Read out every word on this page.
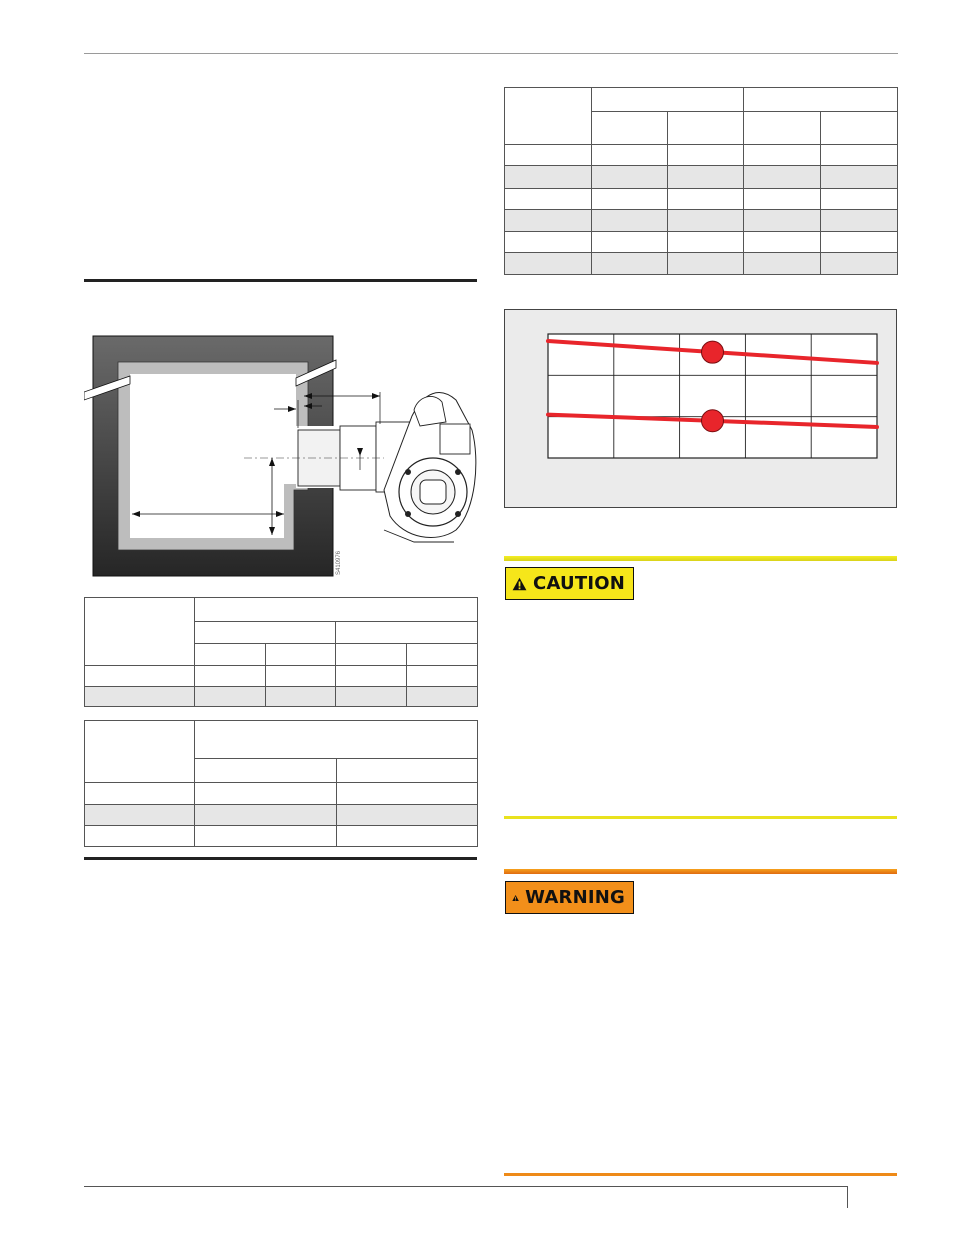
S410976

CAUTION
WARNING
